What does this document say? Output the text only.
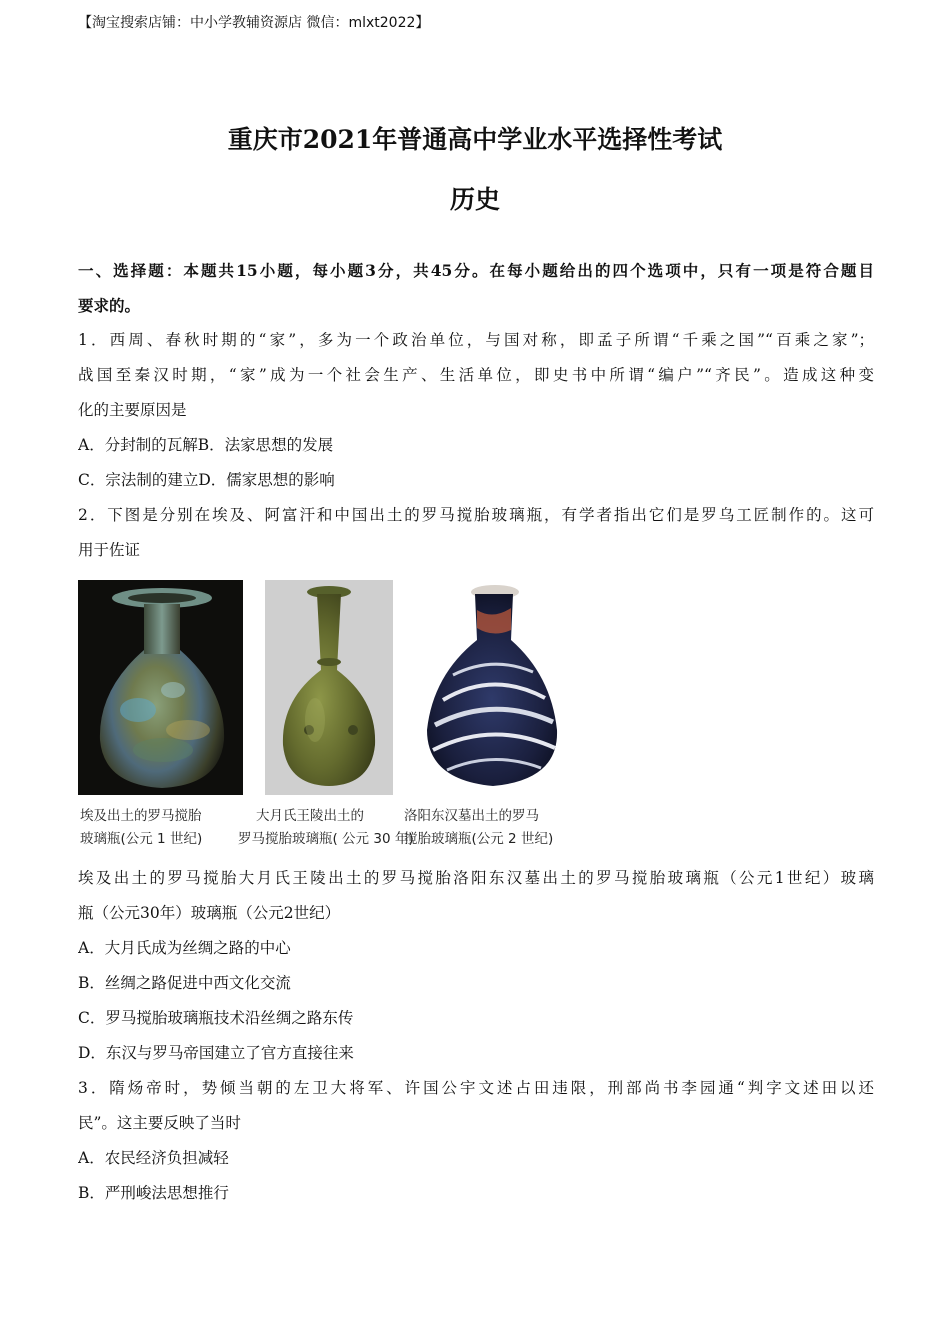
【淘宝搜索店铺：中小学教辅资源店 微信：mlxt2022】
重庆市2021年普通高中学业水平选择性考试
历史
一、选择题：本题共15小题，每小题3分，共45分。在每小题给出的四个选项中，只有一项是符合题目
要求的。
1．西周、春秋时期的“家”，多为一个政治单位，与国对称，即孟子所谓“千乘之国”“百乘之家”；
战国至秦汉时期，“家”成为一个社会生产、生活单位，即史书中所谓“编户”“齐民”。造成这种变
化的主要原因是
A．分封制的瓦解B．法家思想的发展
C．宗法制的建立D．儒家思想的影响
2．下图是分别在埃及、阿富汗和中国出土的罗马搅胎玻璃瓶，有学者指出它们是罗乌工匠制作的。这可
用于佐证
埃及出土的罗马搅胎
玻璃瓶(公元 1 世纪)
大月氏王陵出土的
罗马搅胎玻璃瓶( 公元 30 年)
洛阳东汉墓出土的罗马
搅胎玻璃瓶(公元 2 世纪)
埃及出土的罗马搅胎大月氏王陵出土的罗马搅胎洛阳东汉墓出土的罗马搅胎玻璃瓶（公元1世纪）玻璃
瓶（公元30年）玻璃瓶（公元2世纪）
A．大月氏成为丝绸之路的中心
B．丝绸之路促进中西文化交流
C．罗马搅胎玻璃瓶技术沿丝绸之路东传
D．东汉与罗马帝国建立了官方直接往来
3．隋炀帝时，势倾当朝的左卫大将军、许国公宇文述占田违限，刑部尚书李园通“判字文述田以还
民”。这主要反映了当时
A．农民经济负担减轻
B．严刑峻法思想推行
